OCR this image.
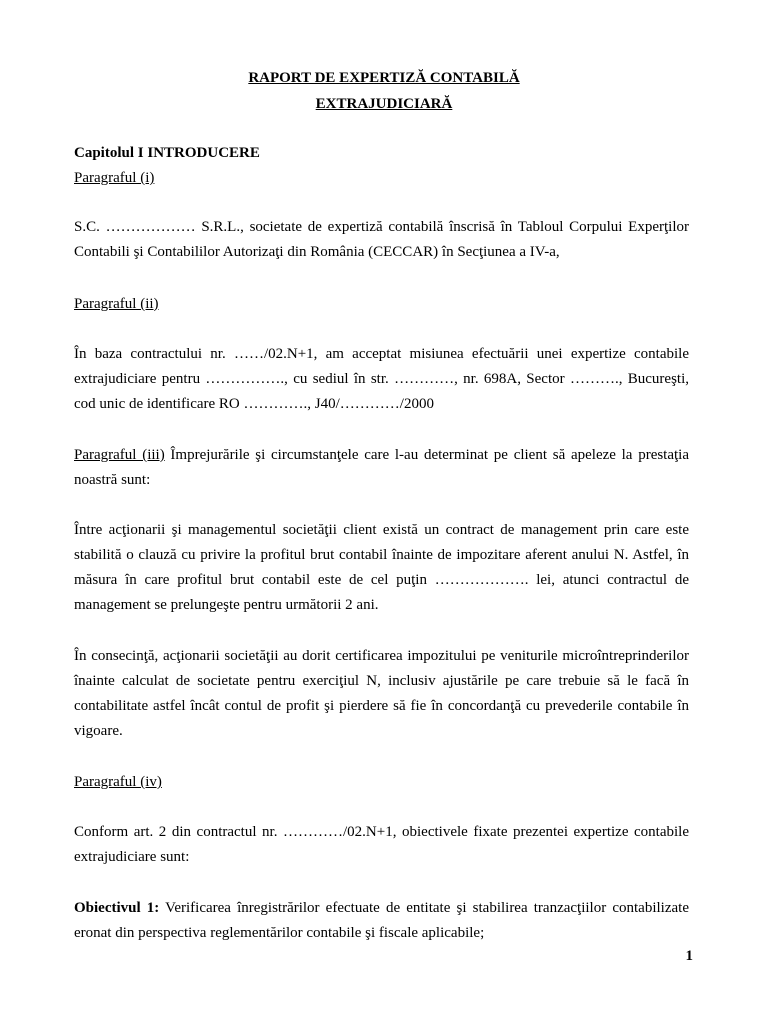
RAPORT DE EXPERTIZĂ CONTABILĂ
EXTRAJUDICIARĂ
Capitolul I INTRODUCERE
Paragraful (i)
S.C. ……………… S.R.L., societate de expertiză contabilă înscrisă în Tabloul Corpului Experţilor Contabili şi Contabililor Autorizaţi din România (CECCAR) în Secţiunea a IV-a,
Paragraful (ii)
În baza contractului nr. ……/02.N+1, am acceptat misiunea efectuării unei expertize contabile extrajudiciare pentru ……………., cu sediul în str. …………, nr. 698A, Sector ………., Bucureşti, cod unic de identificare RO …………., J40/…………/2000
Paragraful (iii) Împrejurările şi circumstanţele care l-au determinat pe client să apeleze la prestaţia noastră sunt:
Între acţionarii şi managementul societăţii client există un contract de management prin care este stabilită o clauză cu privire la profitul brut contabil înainte de impozitare aferent anului N. Astfel, în măsura în care profitul brut contabil este de cel puţin ………………. lei, atunci contractul de management se prelungeşte pentru următorii 2 ani.
În consecinţă, acţionarii societăţii au dorit certificarea impozitului pe veniturile microîntreprinderilor înainte calculat de societate pentru exerciţiul N, inclusiv ajustările pe care trebuie să le facă în contabilitate astfel încât contul de profit şi pierdere să fie în concordanţă cu prevederile contabile în vigoare.
Paragraful (iv)
Conform art. 2 din contractul nr. …………/02.N+1, obiectivele fixate prezentei expertize contabile extrajudiciare sunt:
Obiectivul 1: Verificarea înregistrărilor efectuate de entitate şi stabilirea tranzacţiilor contabilizate eronat din perspectiva reglementărilor contabile şi fiscale aplicabile;
1
